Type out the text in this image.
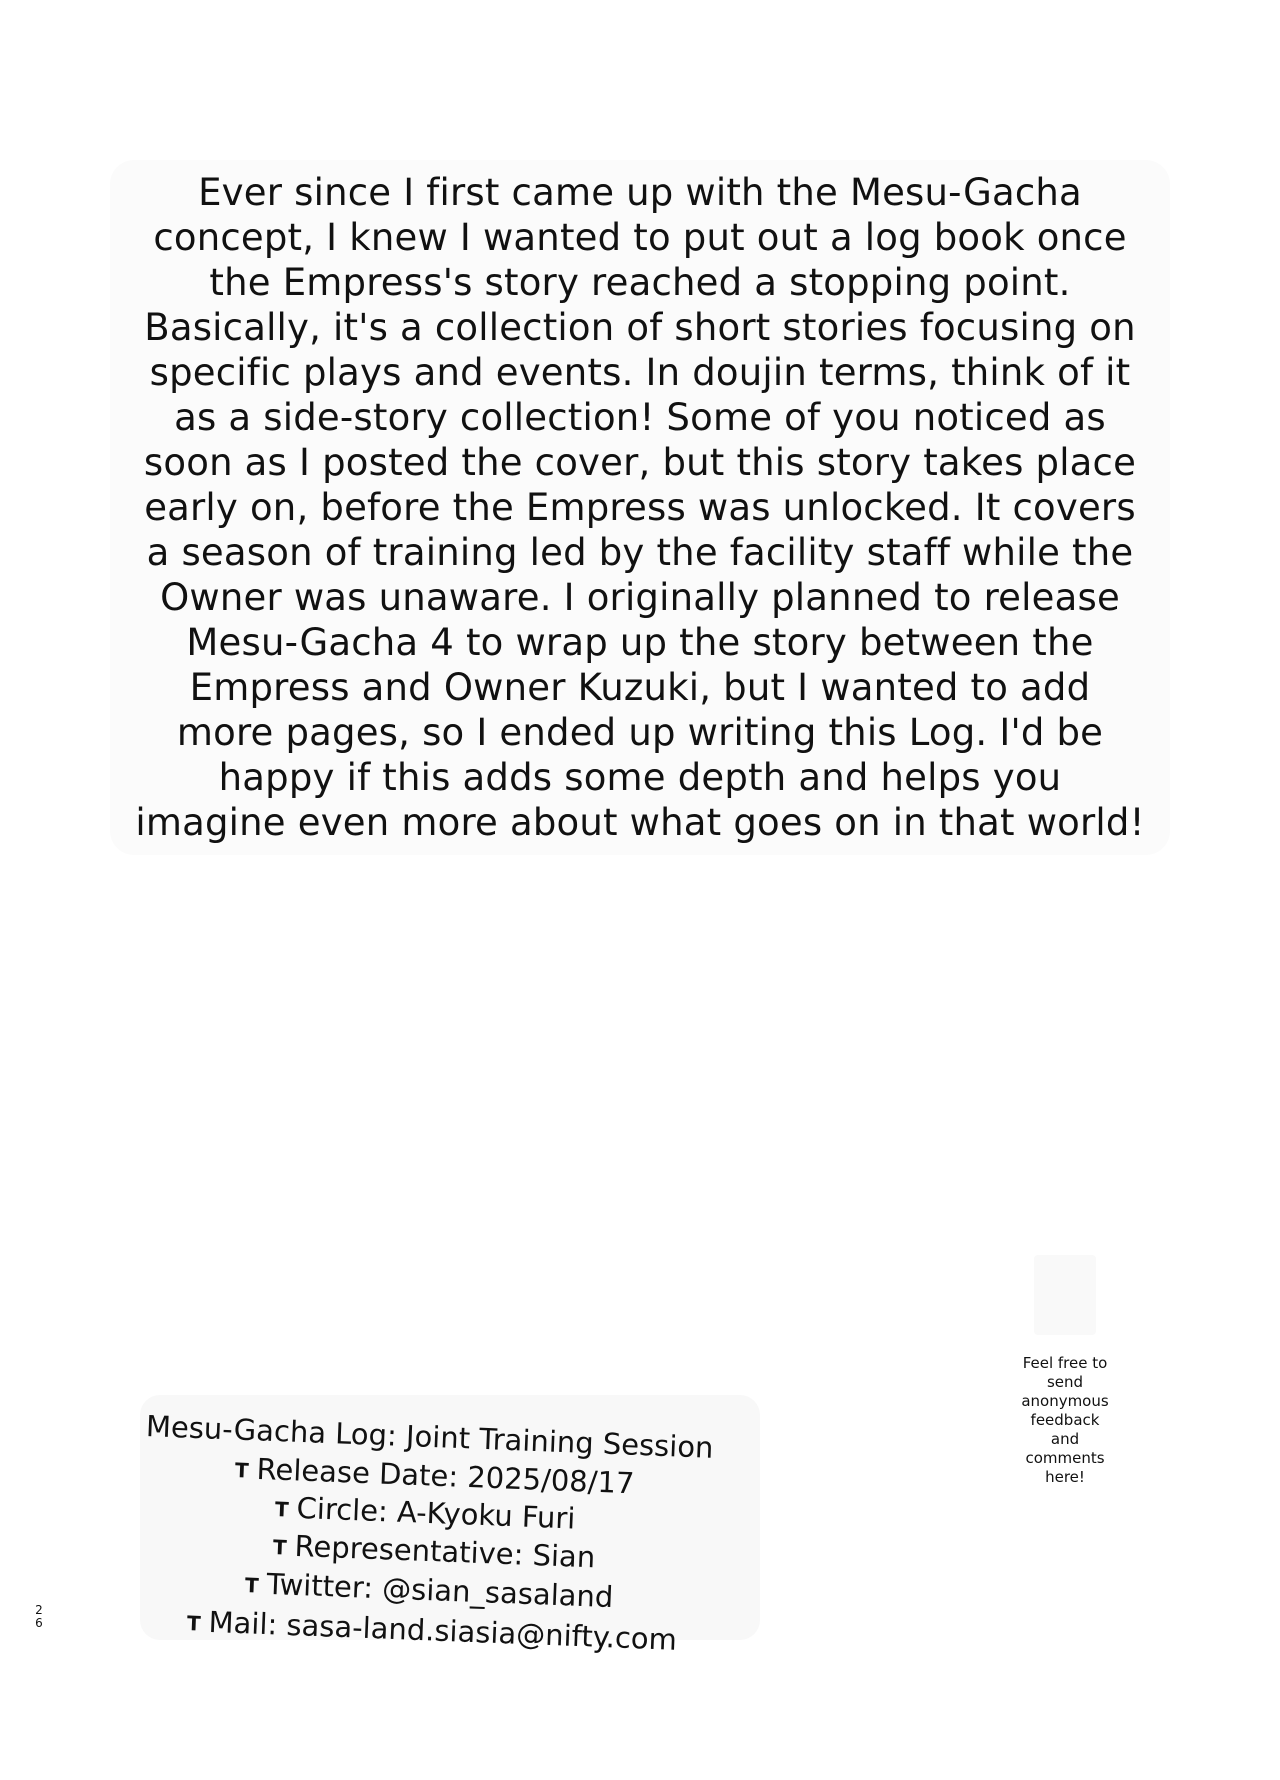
Ever since I first came up with the Mesu-Gacha
concept, I knew I wanted to put out a log book once
the Empress's story reached a stopping point.
Basically, it's a collection of short stories focusing on
specific plays and events. In doujin terms, think of it
as a side-story collection! Some of you noticed as
soon as I posted the cover, but this story takes place
early on, before the Empress was unlocked. It covers
a season of training led by the facility staff while the
Owner was unaware. I originally planned to release
Mesu-Gacha 4 to wrap up the story between the
Empress and Owner Kuzuki, but I wanted to add
more pages, so I ended up writing this Log. I'd be
happy if this adds some depth and helps you
imagine even more about what goes on in that world!
Feel free to
send
anonymous
feedback
and
comments
here!
Mesu-Gacha Log: Joint Training Session
T Release Date: 2025/08/17
T Circle: A-Kyoku Furi
T Representative: Sian
T Twitter: @sian_sasaland
T Mail: sasa-land.siasia@nifty.com
2
6
